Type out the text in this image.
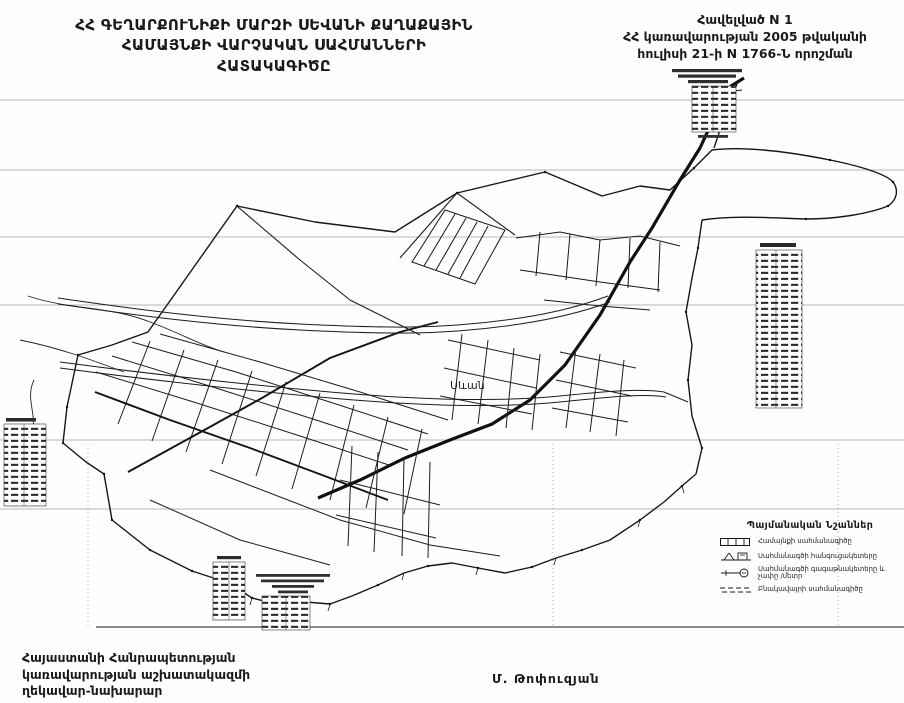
Սևան
ՀՀ ԳԵՂԱՐՔՈՒՆԻՔԻ ՄԱՐԶԻ ՍԵՎԱՆԻ ՔԱՂԱՔԱՅԻՆ
ՀԱՄԱՅՆՔԻ ՎԱՐՉԱԿԱՆ ՍԱՀՄԱՆՆԵՐԻ
ՀԱՏԱԿԱԳԻԾԸ
Հավելված N 1
ՀՀ կառավարության 2005 թվականի
հուլիսի 21-ի N 1766-Ն որոշման
Պայմանական Նշաններ
Համայնքի սահմանագիծը
Սահմանագծի հանգուցակետերը
Սահմանագծի գագաթնակետերը և չափը /մետր
Բնակավայրի սահմանագիծը
Հայաստանի Հանրապետության
կառավարության աշխատակազմի
ղեկավար-նախարար
Մ. Թոփուզյան
